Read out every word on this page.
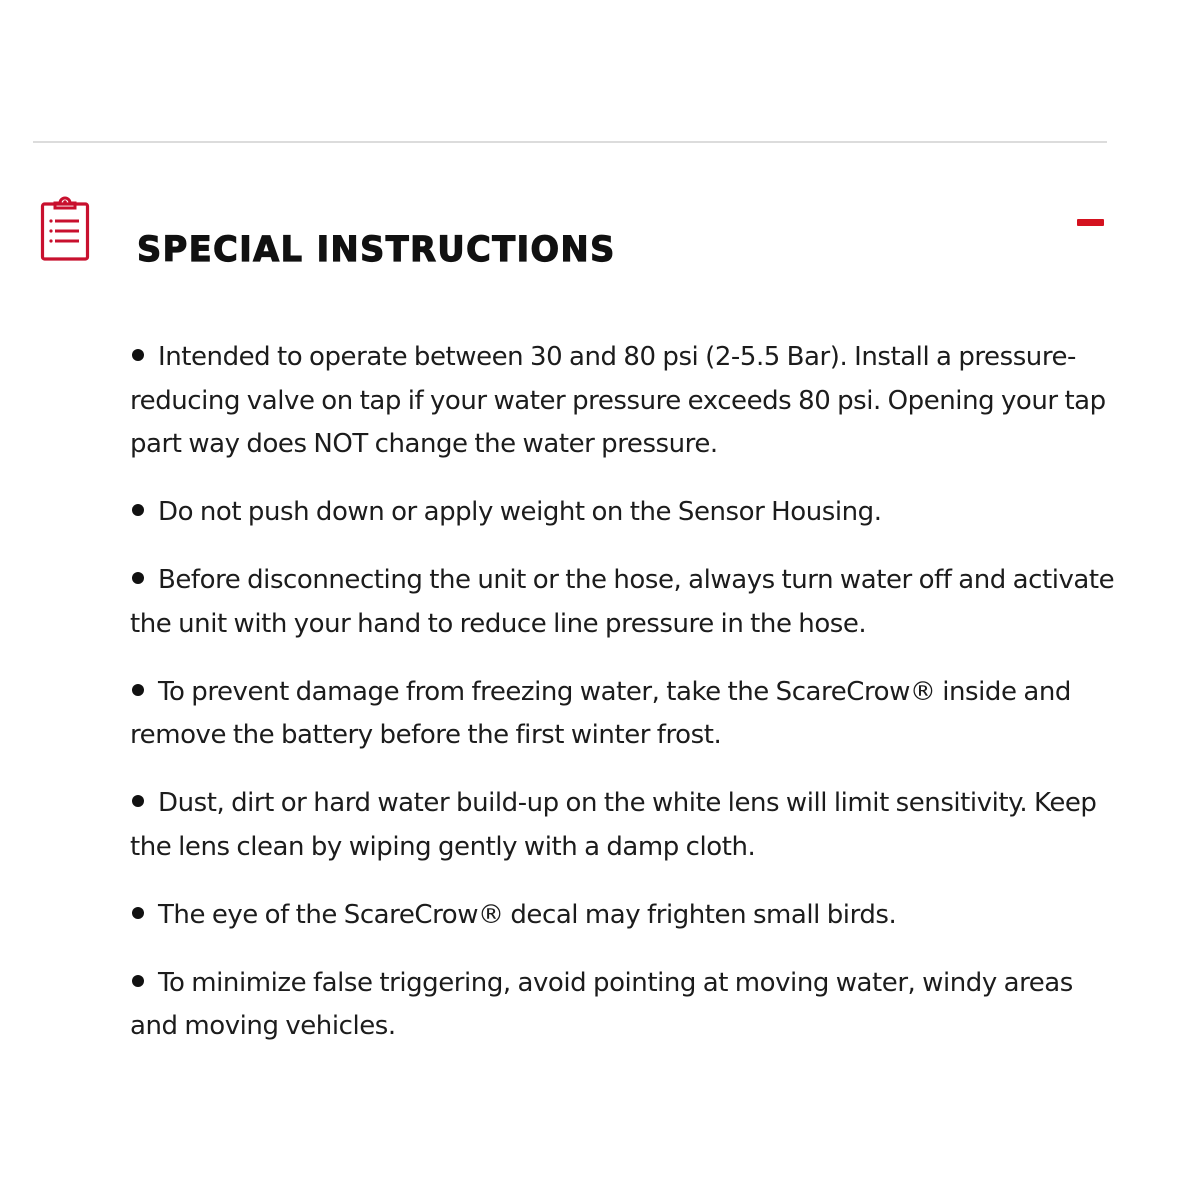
SPECIAL INSTRUCTIONS
Intended to operate between 30 and 80 psi (2-5.5 Bar). Install a pressure-reducing valve on tap if your water pressure exceeds 80 psi. Opening your tap part way does NOT change the water pressure.
Do not push down or apply weight on the Sensor Housing.
Before disconnecting the unit or the hose, always turn water off and activate the unit with your hand to reduce line pressure in the hose.
To prevent damage from freezing water, take the ScareCrow® inside and remove the battery before the first winter frost.
Dust, dirt or hard water build-up on the white lens will limit sensitivity. Keep the lens clean by wiping gently with a damp cloth.
The eye of the ScareCrow® decal may frighten small birds.
To minimize false triggering, avoid pointing at moving water, windy areas and moving vehicles.
